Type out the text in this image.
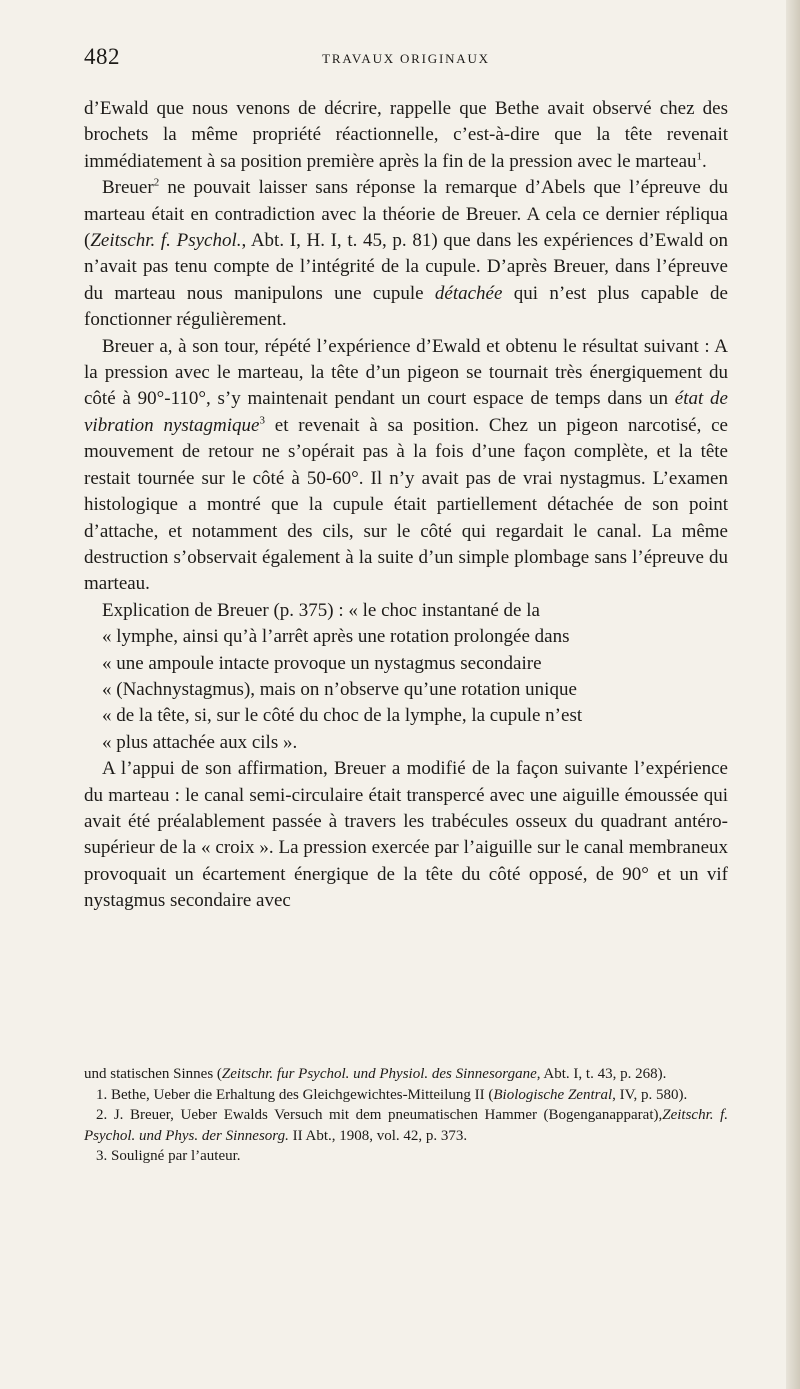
482	TRAVAUX ORIGINAUX

d’Ewald que nous venons de décrire, rappelle que Bethe avait observé chez des brochets la même propriété réactionnelle, c’est-à-dire que la tête revenait immédiatement à sa position première après la fin de la pression avec le marteau$^1$.

Breuer$^2$ ne pouvait laisser sans réponse la remarque d’Abels que l’épreuve du marteau était en contradiction avec la théorie de Breuer. A cela ce dernier répliqua (Zeitschr. f. Psychol., Abt. I, H. I, t. 45, p. 81) que dans les expériences d’Ewald on n’avait pas tenu compte de l’intégrité de la cupule. D’après Breuer, dans l’épreuve du marteau nous manipulons une cupule détachée qui n’est plus capable de fonctionner régulièrement.

Breuer a, à son tour, répété l’expérience d’Ewald et obtenu le résultat suivant : A la pression avec le marteau, la tête d’un pigeon se tournait très énergiquement du côté à 90°-110°, s’y maintenait pendant un court espace de temps dans un état de vibration nystagmique$^3$ et revenait à sa position. Chez un pigeon narcotisé, ce mouvement de retour ne s’opérait pas à la fois d’une façon complète, et la tête restait tournée sur le côté à 50-60°. Il n’y avait pas de vrai nystagmus. L’examen histologique a montré que la cupule était partiellement détachée de son point d’attache, et notamment des cils, sur le côté qui regardait le canal. La même destruction s’observait également à la suite d’un simple plombage sans l’épreuve du marteau.

Explication de Breuer (p. 375) : « le choc instantané de la
« lymphe, ainsi qu’à l’arrêt après une rotation prolongée dans
« une ampoule intacte provoque un nystagmus secondaire
« (Nachnystagmus), mais on n’observe qu’une rotation unique
« de la tête, si, sur le côté du choc de la lymphe, la cupule n’est
« plus attachée aux cils ».

A l’appui de son affirmation, Breuer a modifié de la façon suivante l’expérience du marteau : le canal semi-circulaire était transpercé avec une aiguille émoussée qui avait été préalablement passée à travers les trabécules osseux du quadrant antéro-supérieur de la « croix ». La pression exercée par l’aiguille sur le canal membraneux provoquait un écartement énergique de la tête du côté opposé, de 90° et un vif nystagmus secondaire avec

und statischen Sinnes (Zeitschr. fur Psychol. und Physiol. des Sinnesorgane, Abt. I, t. 43, p. 268).

1. Bethe, Ueber die Erhaltung des Gleichgewichtes-Mitteilung II (Biologische Zentral, IV, p. 580).

2. J. Breuer, Ueber Ewalds Versuch mit dem pneumatischen Hammer (Bogenganapparat),Zeitschr. f. Psychol. und Phys. der Sinnesorg. II Abt., 1908, vol. 42, p. 373.

3. Souligné par l’auteur.
